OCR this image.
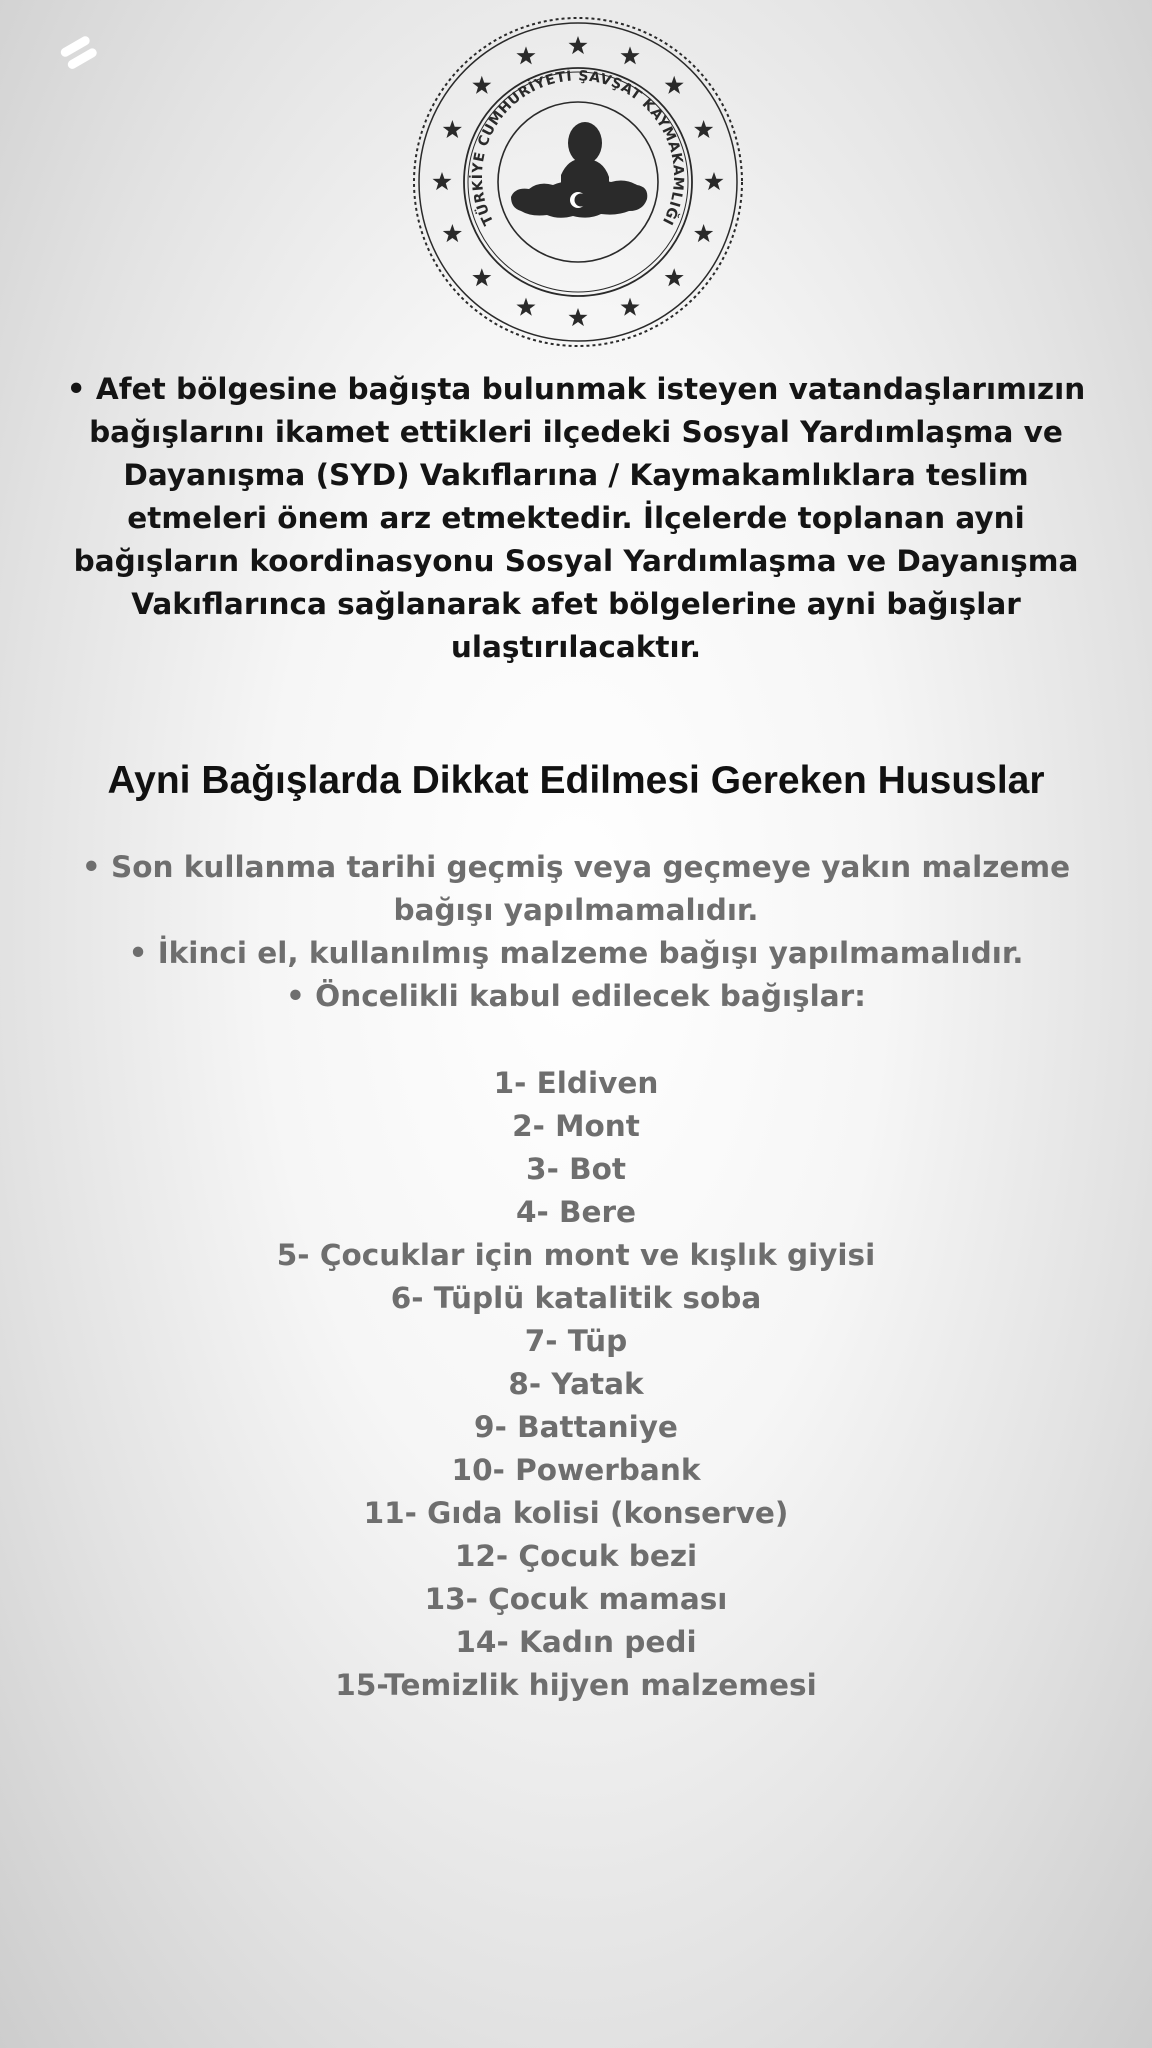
TÜRKİYE CUMHURİYETİ ŞAVŞAT KAYMAKAMLIĞI

• Afet bölgesine bağışta bulunmak isteyen vatandaşlarımızın bağışlarını ikamet ettikleri ilçedeki Sosyal Yardımlaşma ve Dayanışma (SYD) Vakıflarına / Kaymakamlıklara teslim etmeleri önem arz etmektedir. İlçelerde toplanan ayni bağışların koordinasyonu Sosyal Yardımlaşma ve Dayanışma Vakıflarınca sağlanarak afet bölgelerine ayni bağışlar ulaştırılacaktır.

Ayni Bağışlarda Dikkat Edilmesi Gereken Hususlar

• Son kullanma tarihi geçmiş veya geçmeye yakın malzeme bağışı yapılmamalıdır.

• İkinci el, kullanılmış malzeme bağışı yapılmamalıdır.

• Öncelikli kabul edilecek bağışlar:

1- Eldiven
2- Mont
3- Bot
4- Bere
5- Çocuklar için mont ve kışlık giyisi
6- Tüplü katalitik soba
7- Tüp
8- Yatak
9- Battaniye
10- Powerbank
11- Gıda kolisi (konserve)
12- Çocuk bezi
13- Çocuk maması
14- Kadın pedi
15-Temizlik hijyen malzemesi
